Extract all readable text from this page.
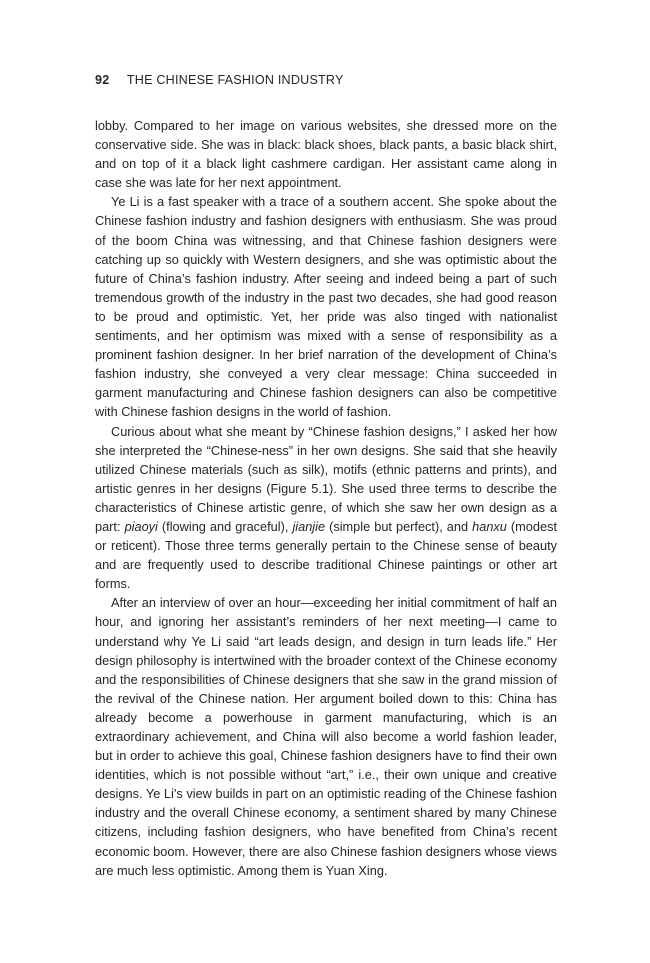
92 THE CHINESE FASHION INDUSTRY

lobby. Compared to her image on various websites, she dressed more on the conservative side. She was in black: black shoes, black pants, a basic black shirt, and on top of it a black light cashmere cardigan. Her assistant came along in case she was late for her next appointment.

Ye Li is a fast speaker with a trace of a southern accent. She spoke about the Chinese fashion industry and fashion designers with enthusiasm. She was proud of the boom China was witnessing, and that Chinese fashion designers were catching up so quickly with Western designers, and she was optimistic about the future of China’s fashion industry. After seeing and indeed being a part of such tremendous growth of the industry in the past two decades, she had good reason to be proud and optimistic. Yet, her pride was also tinged with nationalist sentiments, and her optimism was mixed with a sense of responsibility as a prominent fashion designer. In her brief narration of the development of China’s fashion industry, she conveyed a very clear message: China succeeded in garment manufacturing and Chinese fashion designers can also be competitive with Chinese fashion designs in the world of fashion.

Curious about what she meant by “Chinese fashion designs,” I asked her how she interpreted the “Chinese-ness” in her own designs. She said that she heavily utilized Chinese materials (such as silk), motifs (ethnic patterns and prints), and artistic genres in her designs (Figure 5.1). She used three terms to describe the characteristics of Chinese artistic genre, of which she saw her own design as a part: piaoyi (flowing and graceful), jianjie (simple but perfect), and hanxu (modest or reticent). Those three terms generally pertain to the Chinese sense of beauty and are frequently used to describe traditional Chinese paintings or other art forms.

After an interview of over an hour—exceeding her initial commitment of half an hour, and ignoring her assistant’s reminders of her next meeting—I came to understand why Ye Li said “art leads design, and design in turn leads life.” Her design philosophy is intertwined with the broader context of the Chinese economy and the responsibilities of Chinese designers that she saw in the grand mission of the revival of the Chinese nation. Her argument boiled down to this: China has already become a powerhouse in garment manufacturing, which is an extraordinary achievement, and China will also become a world fashion leader, but in order to achieve this goal, Chinese fashion designers have to find their own identities, which is not possible without “art,” i.e., their own unique and creative designs. Ye Li’s view builds in part on an optimistic reading of the Chinese fashion industry and the overall Chinese economy, a sentiment shared by many Chinese citizens, including fashion designers, who have benefited from China’s recent economic boom. However, there are also Chinese fashion designers whose views are much less optimistic. Among them is Yuan Xing.
